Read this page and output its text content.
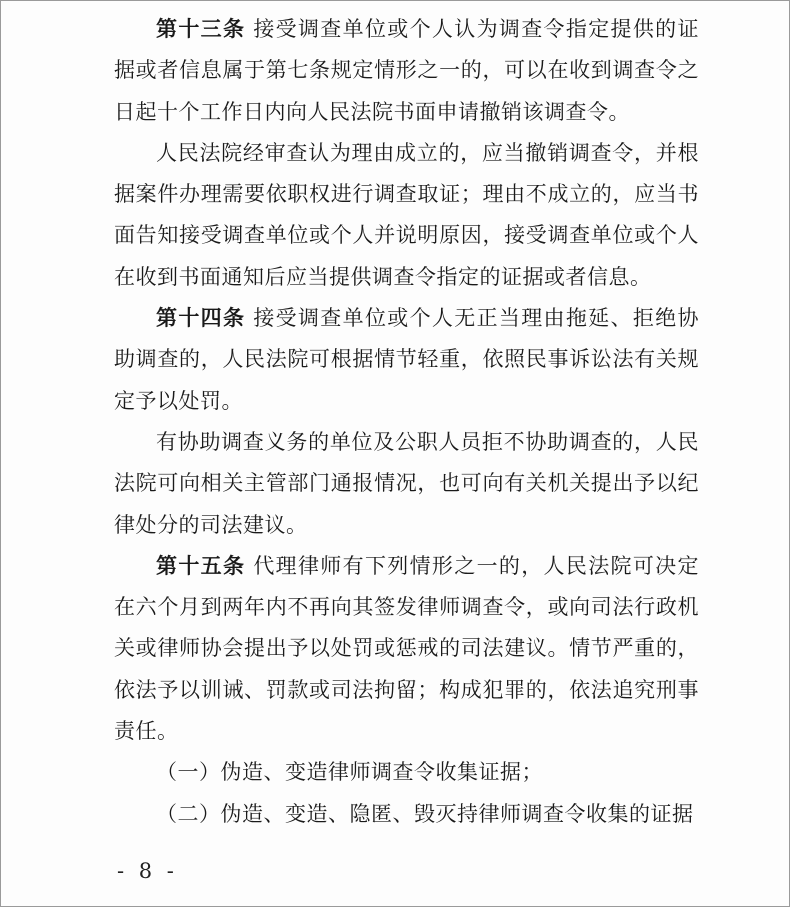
第十三条 接受调查单位或个人认为调查令指定提供的证据或者信息属于第七条规定情形之一的，可以在收到调查令之日起十个工作日内向人民法院书面申请撤销该调查令。

人民法院经审查认为理由成立的，应当撤销调查令，并根据案件办理需要依职权进行调查取证；理由不成立的，应当书面告知接受调查单位或个人并说明原因，接受调查单位或个人在收到书面通知后应当提供调查令指定的证据或者信息。

第十四条 接受调查单位或个人无正当理由拖延、拒绝协助调查的，人民法院可根据情节轻重，依照民事诉讼法有关规定予以处罚。

有协助调查义务的单位及公职人员拒不协助调查的，人民法院可向相关主管部门通报情况，也可向有关机关提出予以纪律处分的司法建议。

第十五条 代理律师有下列情形之一的，人民法院可决定在六个月到两年内不再向其签发律师调查令，或向司法行政机关或律师协会提出予以处罚或惩戒的司法建议。情节严重的，依法予以训诫、罚款或司法拘留；构成犯罪的，依法追究刑事责任。

（一）伪造、变造律师调查令收集证据；

（二）伪造、变造、隐匿、毁灭持律师调查令收集的证据

- 8 -
